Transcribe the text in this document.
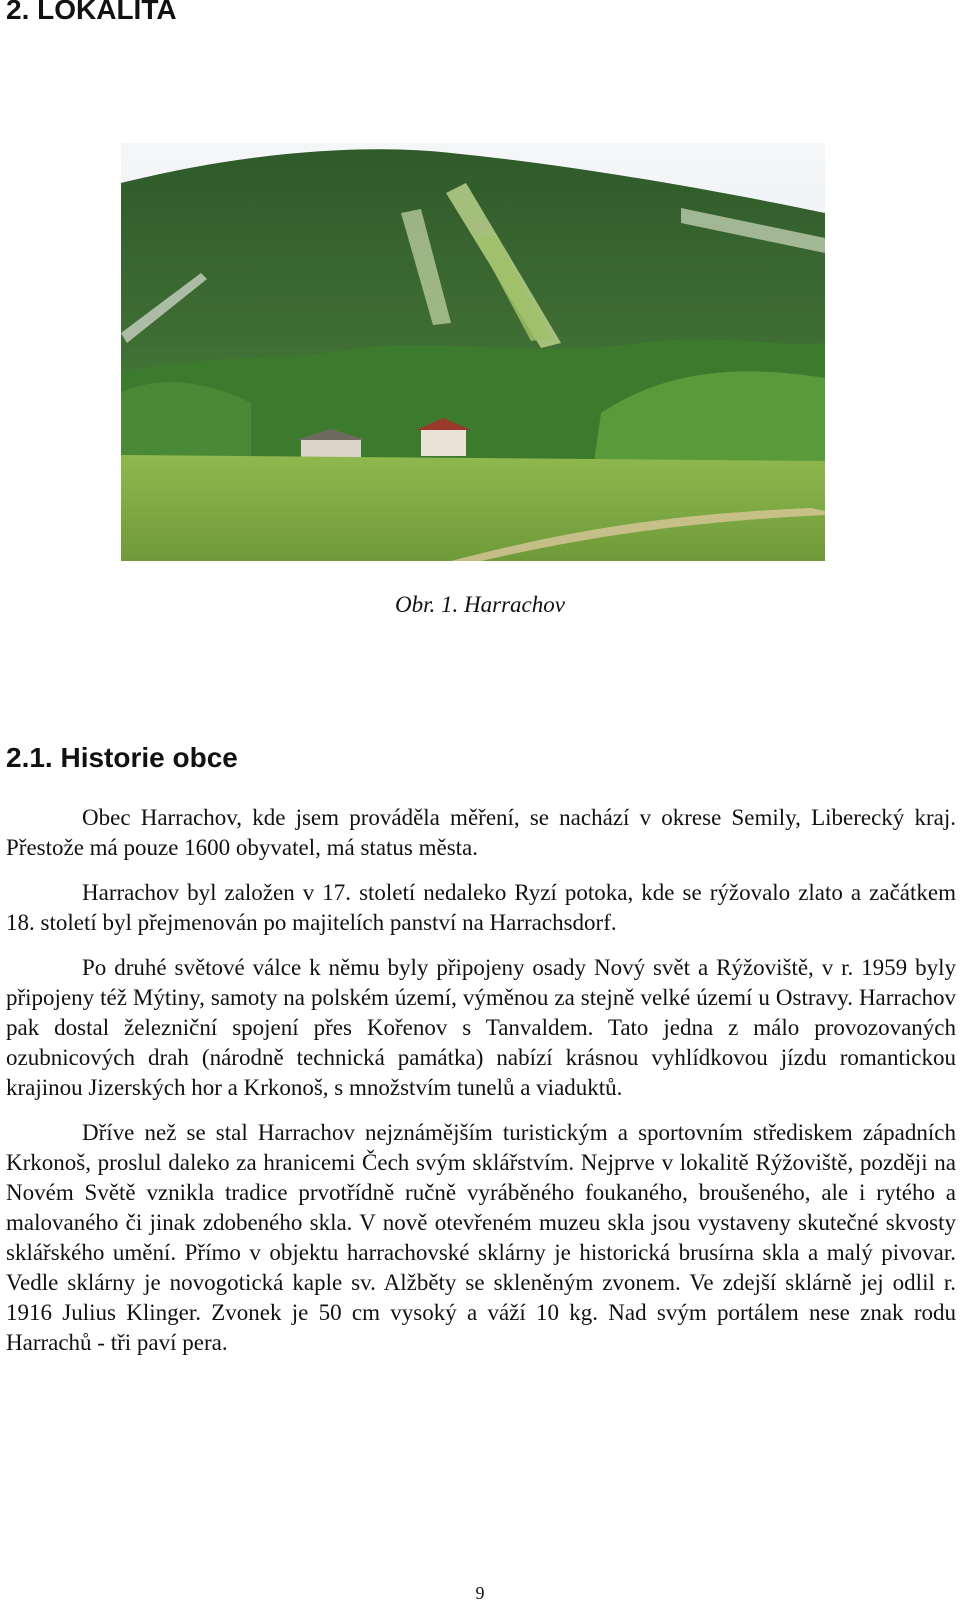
2. LOKALITA
Obr. 1. Harrachov
2.1. Historie obce

Obec Harrachov, kde jsem prováděla měření, se nachází v okrese Semily, Liberecký kraj. Přestože má pouze 1600 obyvatel, má status města.

Harrachov byl založen v 17. století nedaleko Ryzí potoka, kde se rýžovalo zlato a začátkem 18. století byl přejmenován po majitelích panství na Harrachsdorf.

Po druhé světové válce k němu byly připojeny osady Nový svět a Rýžoviště, v r. 1959 byly připojeny též Mýtiny, samoty na polském území, výměnou za stejně velké území u Ostravy. Harrachov pak dostal železniční spojení přes Kořenov s Tanvaldem. Tato jedna z málo provozovaných ozubnicových drah (národně technická památka) nabízí krásnou vyhlídkovou jízdu romantickou krajinou Jizerských hor a Krkonoš, s množstvím tunelů a viaduktů.

Dříve než se stal Harrachov nejznámějším turistickým a sportovním střediskem západních Krkonoš, proslul daleko za hranicemi Čech svým sklářstvím. Nejprve v lokalitě Rýžoviště, později na Novém Světě vznikla tradice prvotřídně ručně vyráběného foukaného, broušeného, ale i rytého a malovaného či jinak zdobeného skla. V nově otevřeném muzeu skla jsou vystaveny skutečné skvosty sklářského umění. Přímo v objektu harrachovské sklárny je historická brusírna skla a malý pivovar. Vedle sklárny je novogotická kaple sv. Alžběty se skleněným zvonem. Ve zdejší sklárně jej odlil r. 1916 Julius Klinger. Zvonek je 50 cm vysoký a váží 10 kg. Nad svým portálem nese znak rodu Harrachů - tři paví pera.

9
